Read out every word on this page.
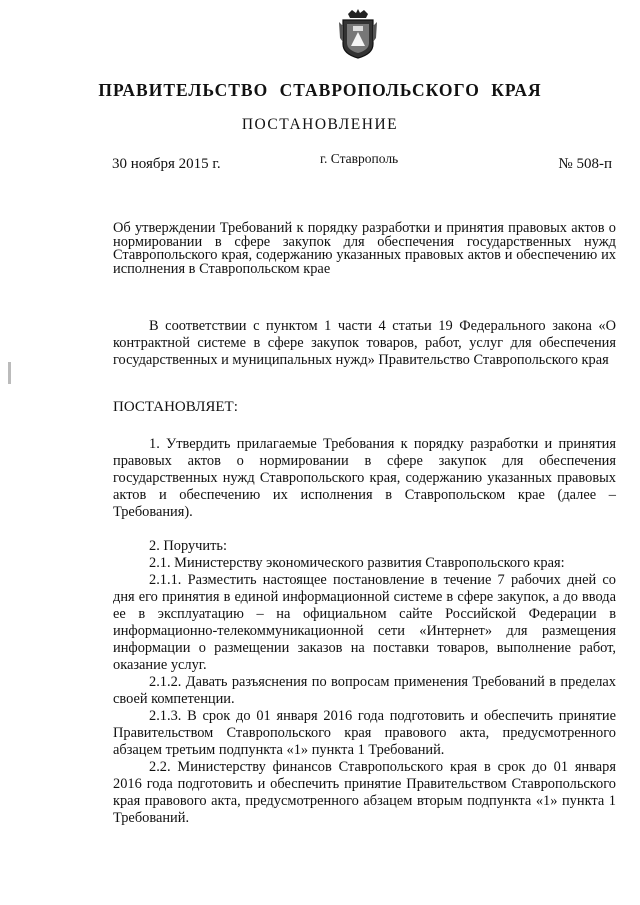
ПРАВИТЕЛЬСТВО СТАВРОПОЛЬСКОГО КРАЯ
ПОСТАНОВЛЕНИЕ
30 ноября 2015 г.	г. Ставрополь	№ 508-п

Об утверждении Требований к порядку разработки и принятия правовых актов о нормировании в сфере закупок для обеспечения государственных нужд Ставропольского края, содержанию указанных правовых актов и обеспечению их исполнения в Ставропольском крае

В соответствии с пунктом 1 части 4 статьи 19 Федерального закона «О контрактной системе в сфере закупок товаров, работ, услуг для обеспечения государственных и муниципальных нужд» Правительство Ставропольского края

ПОСТАНОВЛЯЕТ:

1. Утвердить прилагаемые Требования к порядку разработки и принятия правовых актов о нормировании в сфере закупок для обеспечения государственных нужд Ставропольского края, содержанию указанных правовых актов и обеспечению их исполнения в Ставропольском крае (далее – Требования).

2. Поручить:

2.1. Министерству экономического развития Ставропольского края:

2.1.1. Разместить настоящее постановление в течение 7 рабочих дней со дня его принятия в единой информационной системе в сфере закупок, а до ввода ее в эксплуатацию – на официальном сайте Российской Федерации в информационно-телекоммуникационной сети «Интернет» для размещения информации о размещении заказов на поставки товаров, выполнение работ, оказание услуг.

2.1.2. Давать разъяснения по вопросам применения Требований в пределах своей компетенции.

2.1.3. В срок до 01 января 2016 года подготовить и обеспечить принятие Правительством Ставропольского края правового акта, предусмотренного абзацем третьим подпункта «1» пункта 1 Требований.

2.2. Министерству финансов Ставропольского края в срок до 01 января 2016 года подготовить и обеспечить принятие Правительством Ставропольского края правового акта, предусмотренного абзацем вторым подпункта «1» пункта 1 Требований.
